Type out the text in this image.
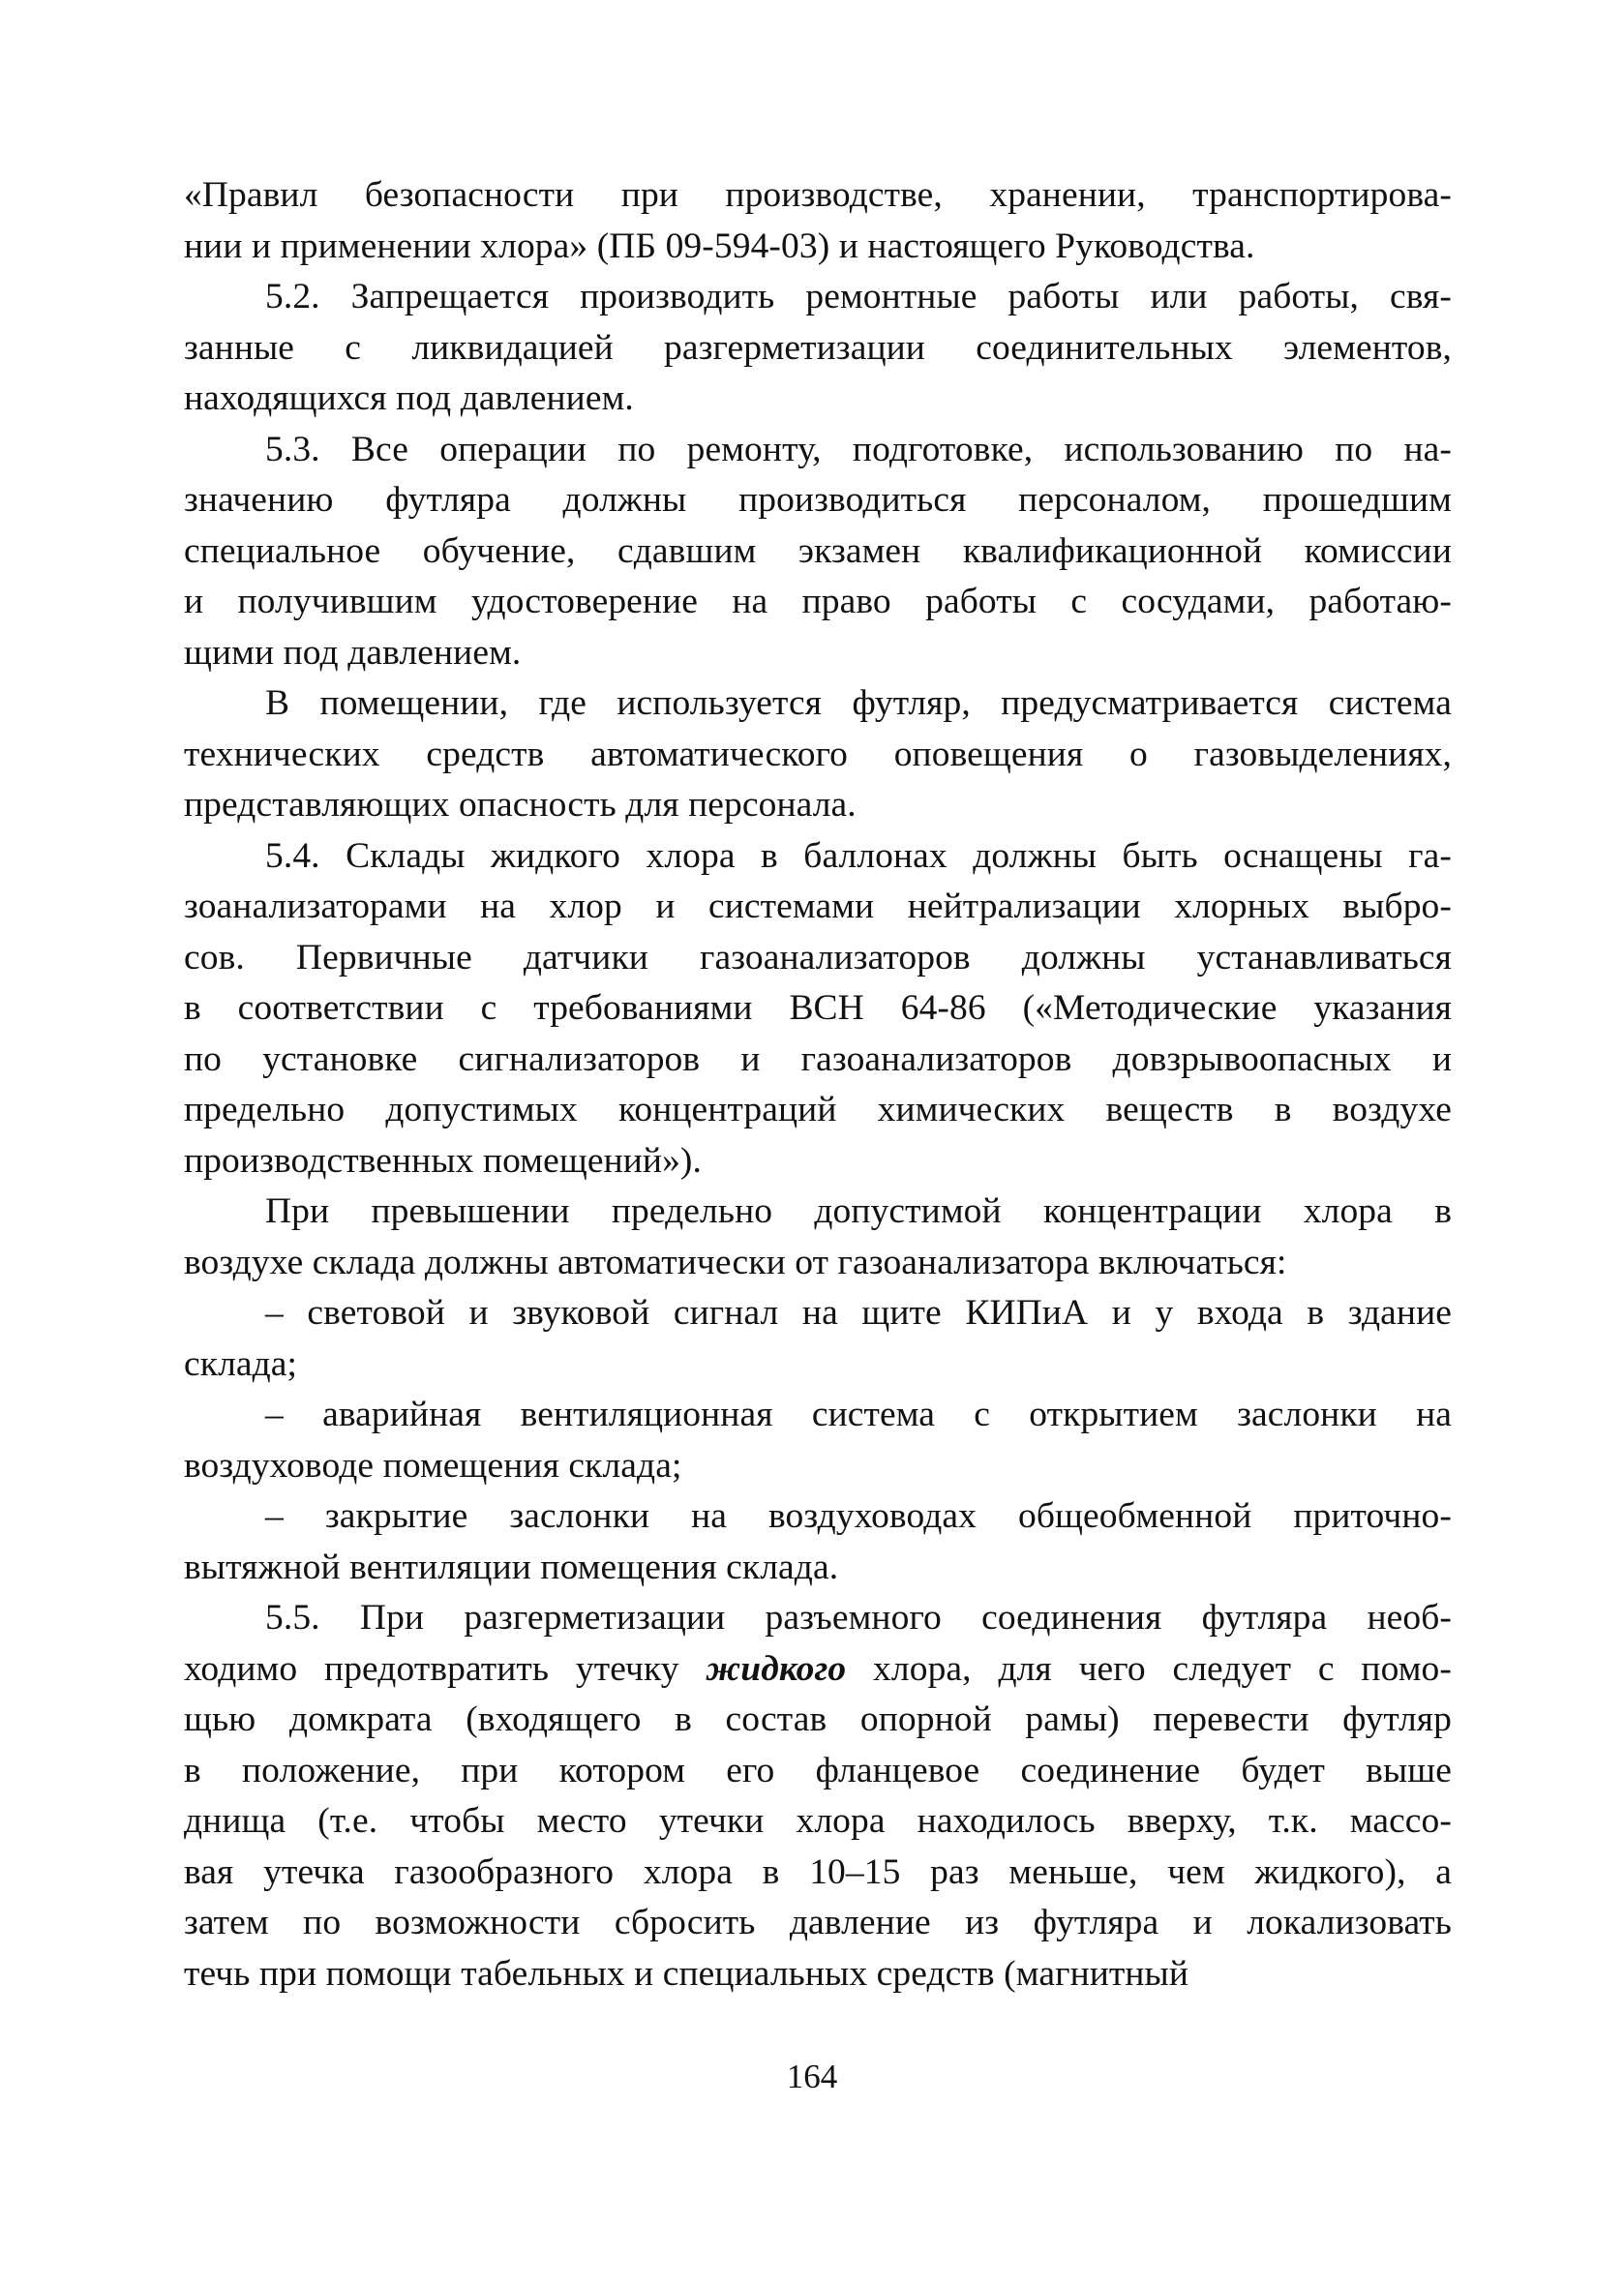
«Правил безопасности при производстве, хранении, транспортирова-
нии и применении хлора» (ПБ 09-594-03) и настоящего Руководства.
5.2. Запрещается производить ремонтные работы или работы, свя-
занные с ликвидацией разгерметизации соединительных элементов,
находящихся под давлением.
5.3. Все операции по ремонту, подготовке, использованию по на-
значению футляра должны производиться персоналом, прошедшим
специальное обучение, сдавшим экзамен квалификационной комиссии
и получившим удостоверение на право работы с сосудами, работаю-
щими под давлением.
В помещении, где используется футляр, предусматривается система
технических средств автоматического оповещения о газовыделениях,
представляющих опасность для персонала.
5.4. Склады жидкого хлора в баллонах должны быть оснащены га-
зоанализаторами на хлор и системами нейтрализации хлорных выбро-
сов. Первичные датчики газоанализаторов должны устанавливаться
в соответствии с требованиями ВСН 64-86 («Методические указания
по установке сигнализаторов и газоанализаторов довзрывоопасных и
предельно допустимых концентраций химических веществ в воздухе
производственных помещений»).
При превышении предельно допустимой концентрации хлора в
воздухе склада должны автоматически от газоанализатора включаться:
– световой и звуковой сигнал на щите КИПиА и у входа в здание
склада;
– аварийная вентиляционная система с открытием заслонки на
воздуховоде помещения склада;
– закрытие заслонки на воздуховодах общеобменной приточно-
вытяжной вентиляции помещения склада.
5.5. При разгерметизации разъемного соединения футляра необ-
ходимо предотвратить утечку жидкого хлора, для чего следует с помо-
щью домкрата (входящего в состав опорной рамы) перевести футляр
в положение, при котором его фланцевое соединение будет выше
днища (т.е. чтобы место утечки хлора находилось вверху, т.к. массо-
вая утечка газообразного хлора в 10–15 раз меньше, чем жидкого), а
затем по возможности сбросить давление из футляра и локализовать
течь при помощи табельных и специальных средств (магнитный
164
